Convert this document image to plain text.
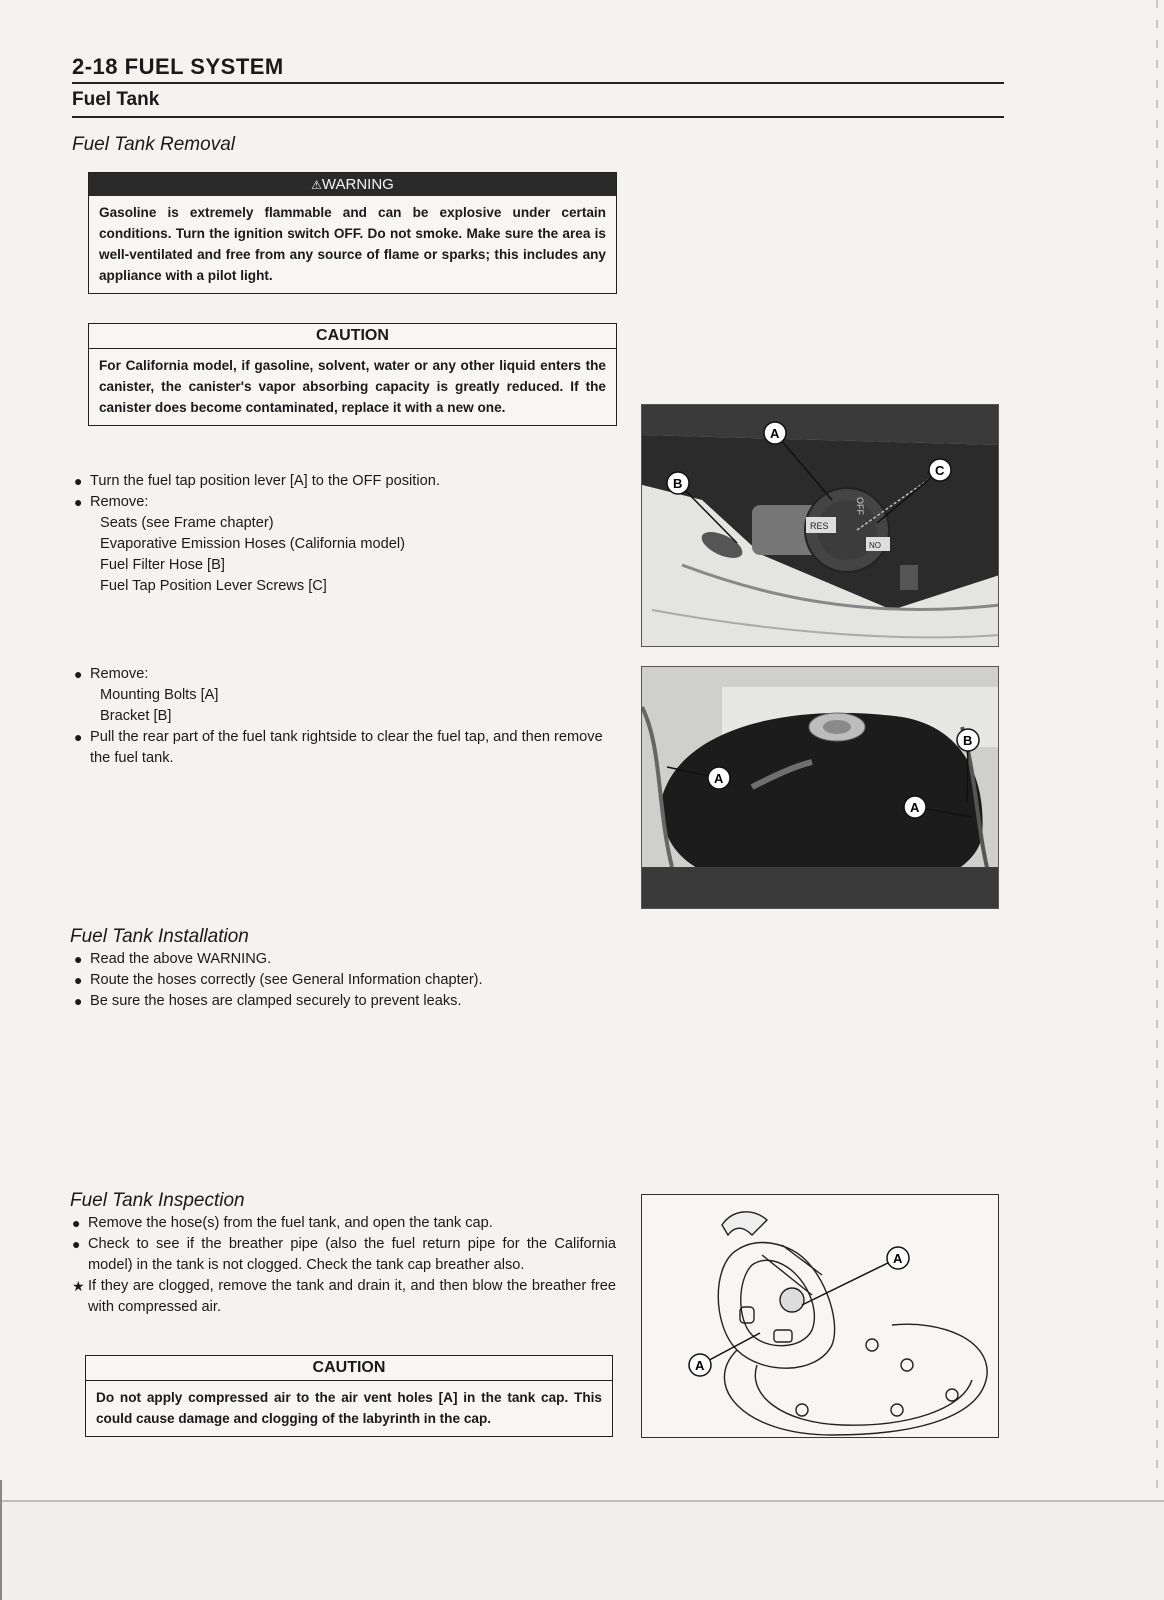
2-18 FUEL SYSTEM
Fuel Tank
Fuel Tank Removal
⚠WARNING
Gasoline is extremely flammable and can be explosive under certain conditions. Turn the ignition switch OFF. Do not smoke. Make sure the area is well-ventilated and free from any source of flame or sparks; this includes any appliance with a pilot light.
CAUTION
For California model, if gasoline, solvent, water or any other liquid enters the canister, the canister's vapor absorbing capacity is greatly reduced. If the canister does become contaminated, replace it with a new one.
● Turn the fuel tap position lever [A] to the OFF position.
● Remove:
Seats (see Frame chapter)
Evaporative Emission Hoses (California model)
Fuel Filter Hose [B]
Fuel Tap Position Lever Screws [C]
● Remove:
Mounting Bolts [A]
Bracket [B]
● Pull the rear part of the fuel tank rightside to clear the fuel tap, and then remove the fuel tank.
RES
NO
OFF
A
B
C
A
A
B
Fuel Tank Installation
● Read the above WARNING.
● Route the hoses correctly (see General Information chapter).
● Be sure the hoses are clamped securely to prevent leaks.
Fuel Tank Inspection
● Remove the hose(s) from the fuel tank, and open the tank cap.
● Check to see if the breather pipe (also the fuel return pipe for the California model) in the tank is not clogged. Check the tank cap breather also.
★ If they are clogged, remove the tank and drain it, and then blow the breather free with compressed air.
CAUTION
Do not apply compressed air to the air vent holes [A] in the tank cap. This could cause damage and clogging of the labyrinth in the cap.
A
A
